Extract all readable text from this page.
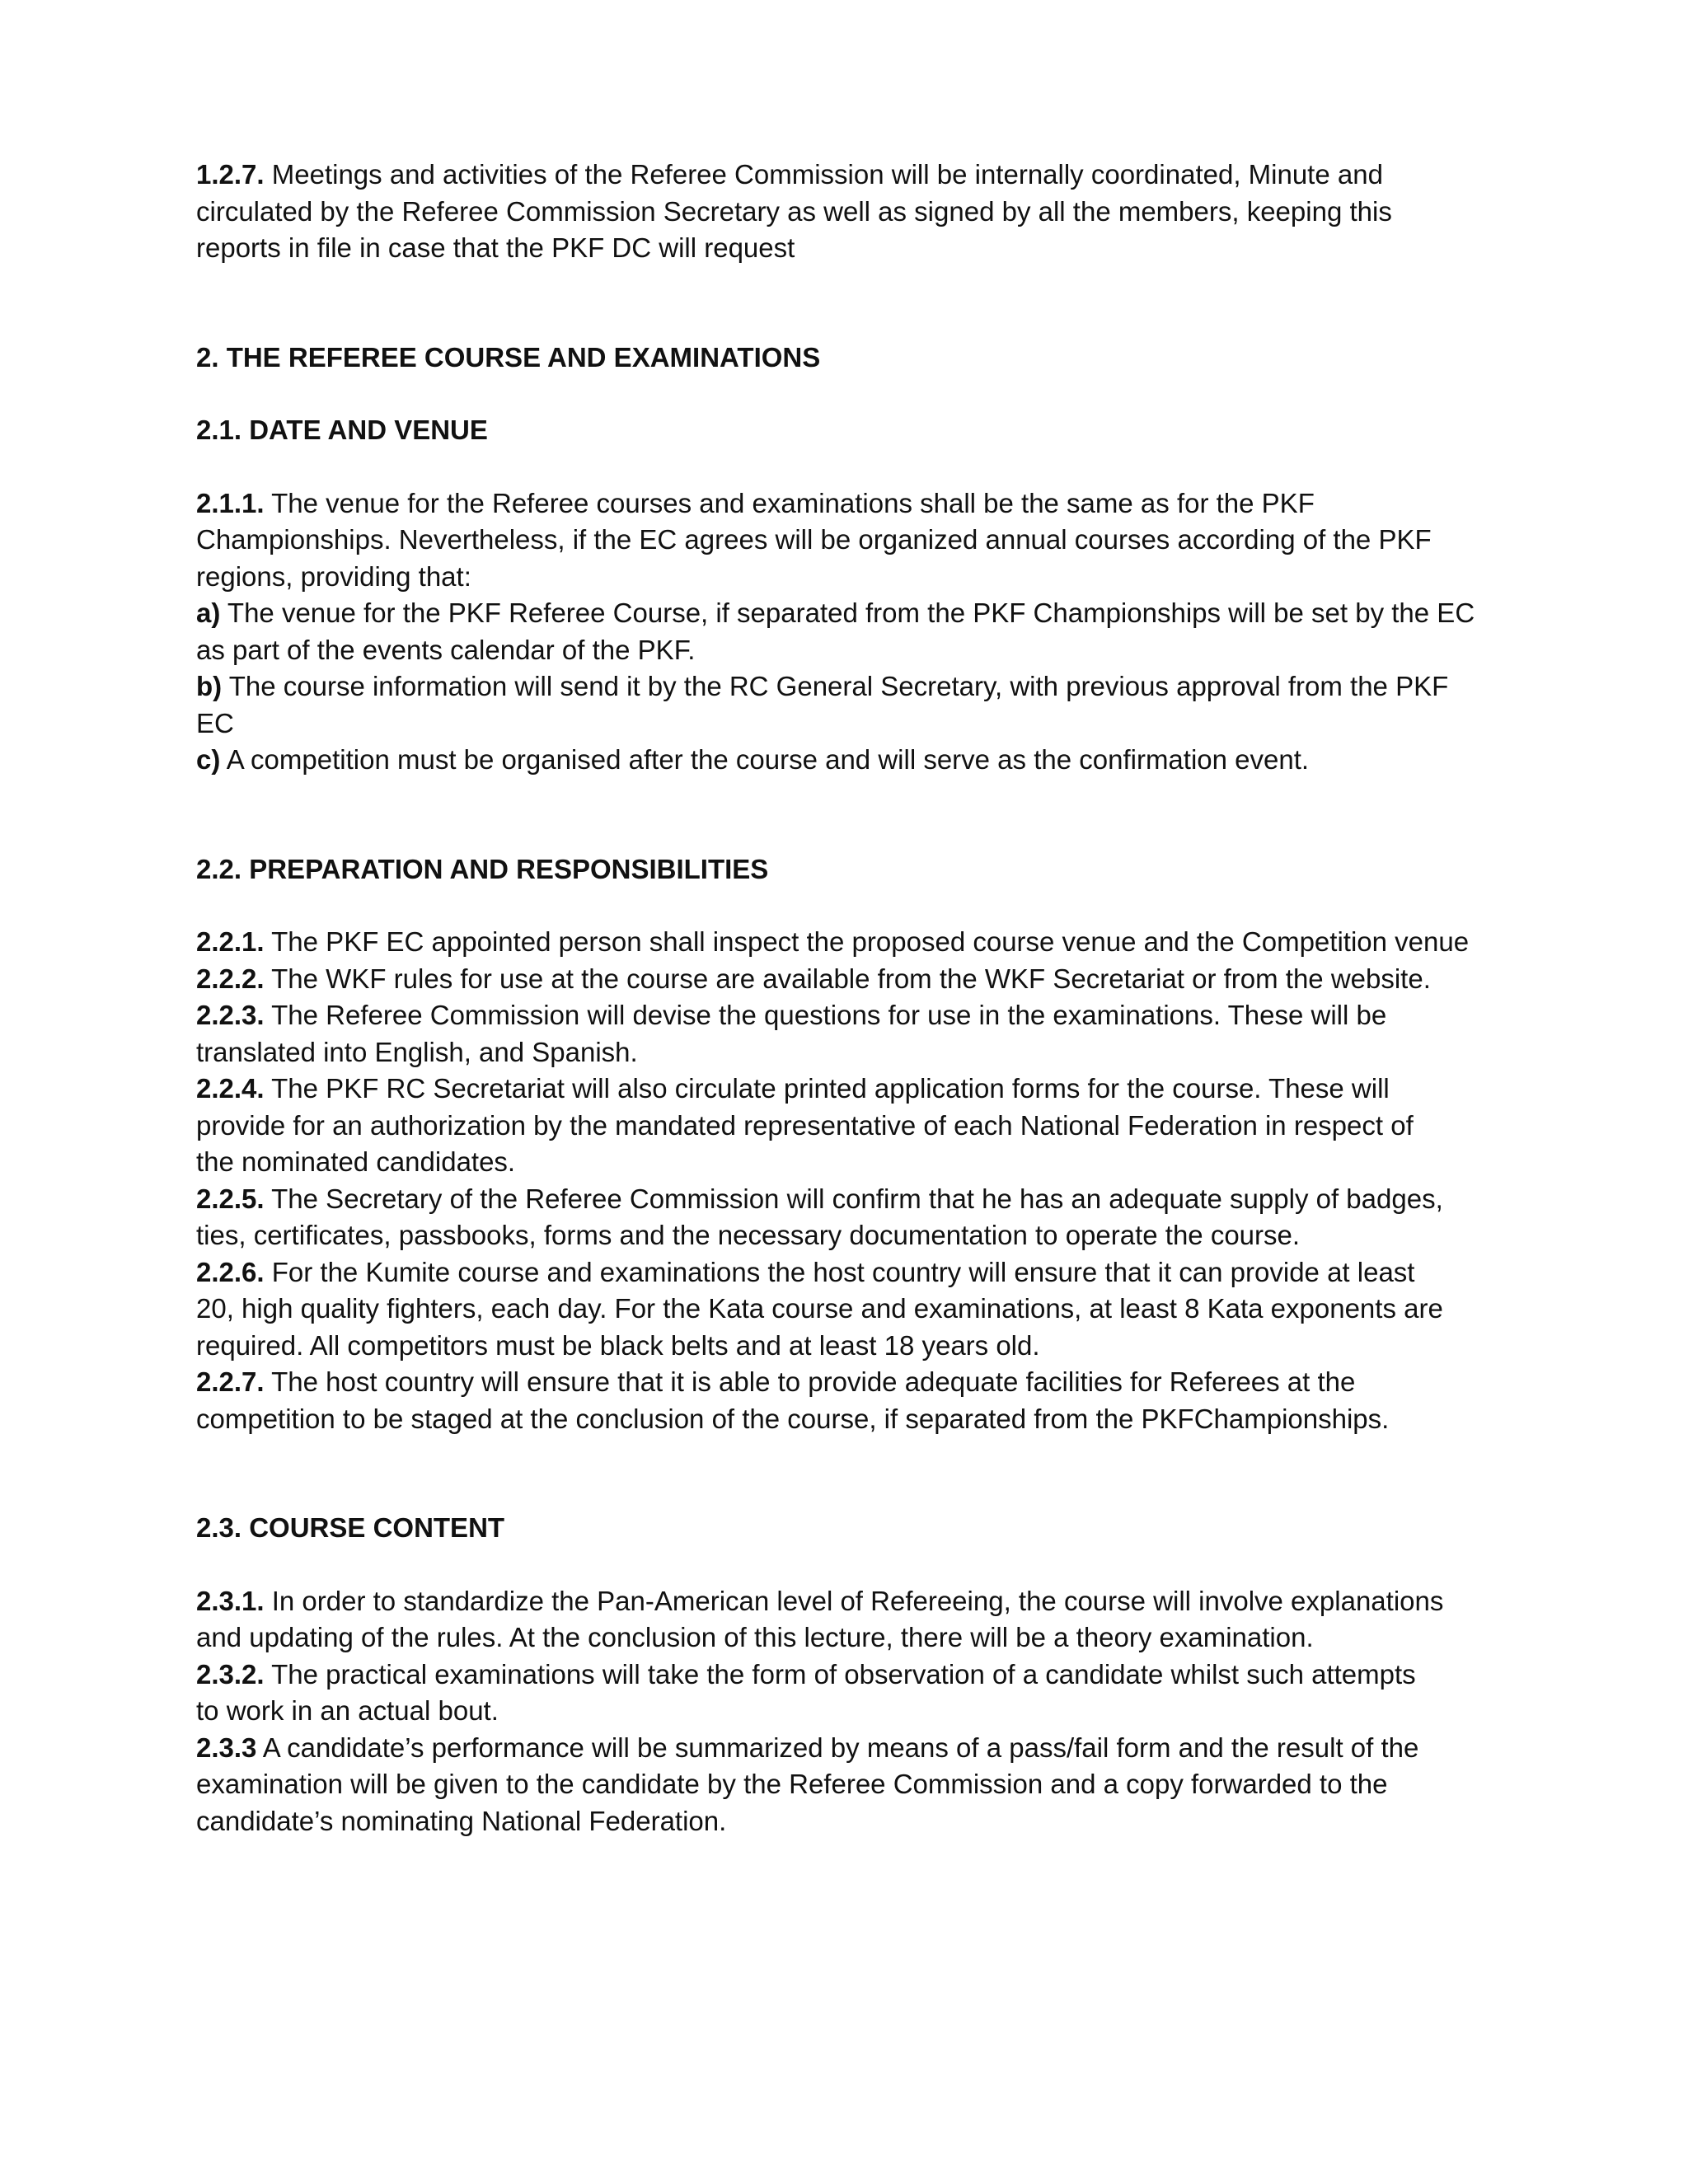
1.2.7. Meetings and activities of the Referee Commission will be internally coordinated, Minute and
circulated by the Referee Commission Secretary as well as signed by all the members, keeping this
reports in file in case that the PKF DC will request
2. THE REFEREE COURSE AND EXAMINATIONS
2.1. DATE AND VENUE
2.1.1. The venue for the Referee courses and examinations shall be the same as for the PKF
Championships. Nevertheless, if the EC agrees will be organized annual courses according of the PKF
regions, providing that:
a) The venue for the PKF Referee Course, if separated from the PKF Championships will be set by the EC
as part of the events calendar of the PKF.
b) The course information will send it by the RC General Secretary, with previous approval from the PKF
EC
c) A competition must be organised after the course and will serve as the confirmation event.
2.2. PREPARATION AND RESPONSIBILITIES
2.2.1. The PKF EC appointed person shall inspect the proposed course venue and the Competition venue
2.2.2. The WKF rules for use at the course are available from the WKF Secretariat or from the website.
2.2.3. The Referee Commission will devise the questions for use in the examinations. These will be
translated into English, and Spanish.
2.2.4. The PKF RC Secretariat will also circulate printed application forms for the course. These will
provide for an authorization by the mandated representative of each National Federation in respect of
the nominated candidates.
2.2.5. The Secretary of the Referee Commission will confirm that he has an adequate supply of badges,
ties, certificates, passbooks, forms and the necessary documentation to operate the course.
2.2.6. For the Kumite course and examinations the host country will ensure that it can provide at least
20, high quality fighters, each day. For the Kata course and examinations, at least 8 Kata exponents are
required. All competitors must be black belts and at least 18 years old.
2.2.7. The host country will ensure that it is able to provide adequate facilities for Referees at the
competition to be staged at the conclusion of the course, if separated from the PKFChampionships.
2.3. COURSE CONTENT
2.3.1. In order to standardize the Pan-American level of Refereeing, the course will involve explanations
and updating of the rules. At the conclusion of this lecture, there will be a theory examination.
2.3.2. The practical examinations will take the form of observation of a candidate whilst such attempts
to work in an actual bout.
2.3.3 A candidate’s performance will be summarized by means of a pass/fail form and the result of the
examination will be given to the candidate by the Referee Commission and a copy forwarded to the
candidate’s nominating National Federation.
